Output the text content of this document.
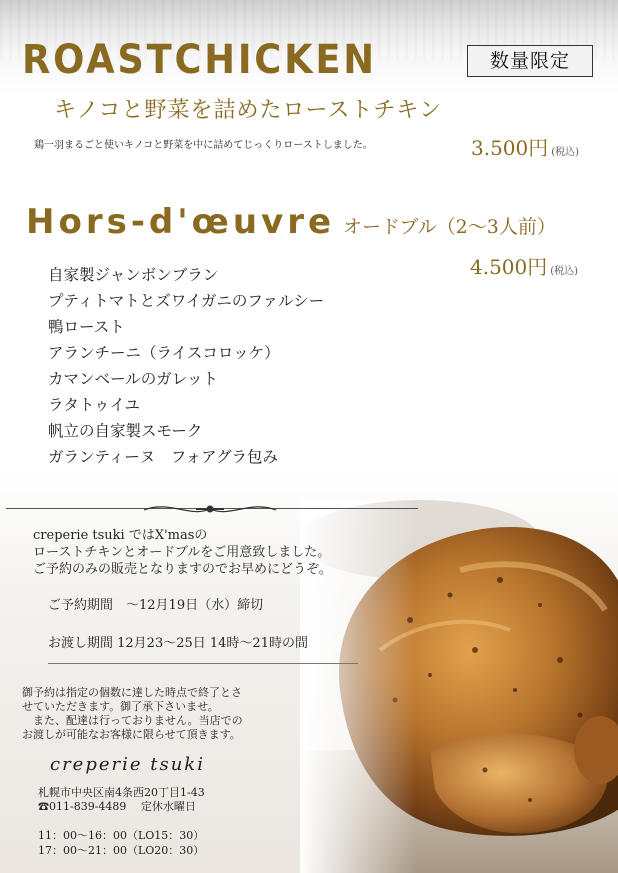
ROASTCHICKEN	数量限定
キノコと野菜を詰めたローストチキン
鶏一羽まるごと使いキノコと野菜を中に詰めてじっくりローストしました。	3.500円 (税込)
Hors-d'œuvre オードブル（2〜3人前）
4.500円 (税込)
自家製ジャンボンブラン
プティトマトとズワイガニのファルシー
鴨ロースト
アランチーニ（ライスコロッケ）
カマンベールのガレット
ラタトゥイユ
帆立の自家製スモーク
ガランティーヌ　フォアグラ包み
creperie tsuki ではX'masの
ローストチキンとオードブルをご用意致しました。
ご予約のみの販売となりますのでお早めにどうぞ。
ご予約期間　～12月19日（水）締切
お渡し期間 12月23～25日 14時～21時の間
御予約は指定の個数に達した時点で終了とさ
せていただきます。御了承下さいませ。
　また、配達は行っておりません。当店での
お渡しが可能なお客様に限らせて頂きます。
creperie tsuki
札幌市中央区南4条西20丁目1-43
☎011-839-4489　 定休水曜日
11：00～16：00（LO15：30）
17：00～21：00（LO20：30）
